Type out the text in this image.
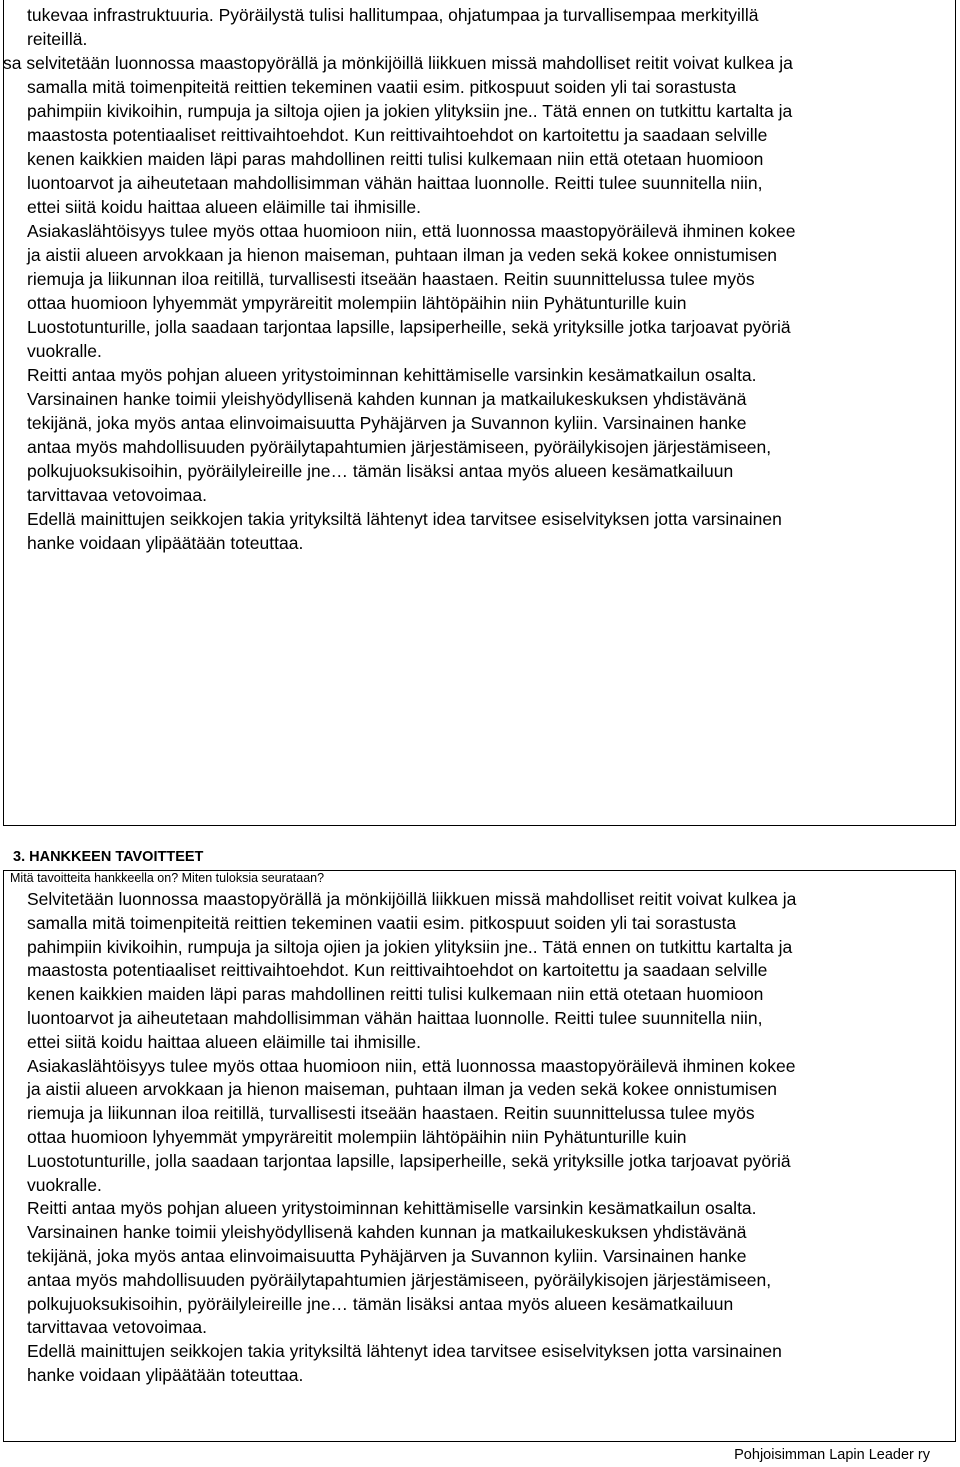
tukevaa infrastruktuuria. Pyöräilystä tulisi hallitumpaa, ohjatumpaa ja turvallisempaa merkityillä
reiteillä.
sa selvitetään luonnossa maastopyörällä ja mönkijöillä liikkuen missä mahdolliset reitit voivat kulkea ja
samalla mitä toimenpiteitä reittien tekeminen vaatii esim. pitkospuut soiden yli tai sorastusta
pahimpiin kivikoihin, rumpuja ja siltoja ojien ja jokien ylityksiin jne.. Tätä ennen on tutkittu kartalta ja
maastosta potentiaaliset reittivaihtoehdot. Kun reittivaihtoehdot on kartoitettu ja saadaan selville
kenen kaikkien maiden läpi paras mahdollinen reitti tulisi kulkemaan niin että otetaan huomioon
luontoarvot ja aiheutetaan mahdollisimman vähän haittaa luonnolle. Reitti tulee suunnitella niin,
ettei siitä koidu haittaa alueen eläimille tai ihmisille.
Asiakaslähtöisyys tulee myös ottaa huomioon niin, että luonnossa maastopyöräilevä ihminen kokee
ja aistii alueen arvokkaan ja hienon maiseman, puhtaan ilman ja veden sekä kokee onnistumisen
riemuja ja liikunnan iloa reitillä, turvallisesti itseään haastaen. Reitin suunnittelussa tulee myös
ottaa huomioon lyhyemmät ympyräreitit molempiin lähtöpäihin niin Pyhätunturille kuin
Luostotunturille, jolla saadaan tarjontaa lapsille, lapsiperheille, sekä yrityksille jotka tarjoavat pyöriä
vuokralle.
Reitti antaa myös pohjan alueen yritystoiminnan kehittämiselle varsinkin kesämatkailun osalta.
Varsinainen hanke toimii yleishyödyllisenä kahden kunnan ja matkailukeskuksen yhdistävänä
tekijänä, joka myös antaa elinvoimaisuutta Pyhäjärven ja Suvannon kyliin. Varsinainen hanke
antaa myös mahdollisuuden pyöräilytapahtumien järjestämiseen, pyöräilykisojen järjestämiseen,
polkujuoksukisoihin, pyöräilyleireille jne… tämän lisäksi antaa myös alueen kesämatkailuun
tarvittavaa vetovoimaa.
Edellä mainittujen seikkojen takia yrityksiltä lähtenyt idea tarvitsee esiselvityksen jotta varsinainen
hanke voidaan ylipäätään toteuttaa.
3. HANKKEEN TAVOITTEET
Mitä tavoitteita hankkeella on? Miten tuloksia seurataan?
Selvitetään luonnossa maastopyörällä ja mönkijöillä liikkuen missä mahdolliset reitit voivat kulkea ja
samalla mitä toimenpiteitä reittien tekeminen vaatii esim. pitkospuut soiden yli tai sorastusta
pahimpiin kivikoihin, rumpuja ja siltoja ojien ja jokien ylityksiin jne.. Tätä ennen on tutkittu kartalta ja
maastosta potentiaaliset reittivaihtoehdot. Kun reittivaihtoehdot on kartoitettu ja saadaan selville
kenen kaikkien maiden läpi paras mahdollinen reitti tulisi kulkemaan niin että otetaan huomioon
luontoarvot ja aiheutetaan mahdollisimman vähän haittaa luonnolle. Reitti tulee suunnitella niin,
ettei siitä koidu haittaa alueen eläimille tai ihmisille.
Asiakaslähtöisyys tulee myös ottaa huomioon niin, että luonnossa maastopyöräilevä ihminen kokee
ja aistii alueen arvokkaan ja hienon maiseman, puhtaan ilman ja veden sekä kokee onnistumisen
riemuja ja liikunnan iloa reitillä, turvallisesti itseään haastaen. Reitin suunnittelussa tulee myös
ottaa huomioon lyhyemmät ympyräreitit molempiin lähtöpäihin niin Pyhätunturille kuin
Luostotunturille, jolla saadaan tarjontaa lapsille, lapsiperheille, sekä yrityksille jotka tarjoavat pyöriä
vuokralle.
Reitti antaa myös pohjan alueen yritystoiminnan kehittämiselle varsinkin kesämatkailun osalta.
Varsinainen hanke toimii yleishyödyllisenä kahden kunnan ja matkailukeskuksen yhdistävänä
tekijänä, joka myös antaa elinvoimaisuutta Pyhäjärven ja Suvannon kyliin. Varsinainen hanke
antaa myös mahdollisuuden pyöräilytapahtumien järjestämiseen, pyöräilykisojen järjestämiseen,
polkujuoksukisoihin, pyöräilyleireille jne… tämän lisäksi antaa myös alueen kesämatkailuun
tarvittavaa vetovoimaa.
Edellä mainittujen seikkojen takia yrityksiltä lähtenyt idea tarvitsee esiselvityksen jotta varsinainen
hanke voidaan ylipäätään toteuttaa.
Pohjoisimman Lapin Leader ry
